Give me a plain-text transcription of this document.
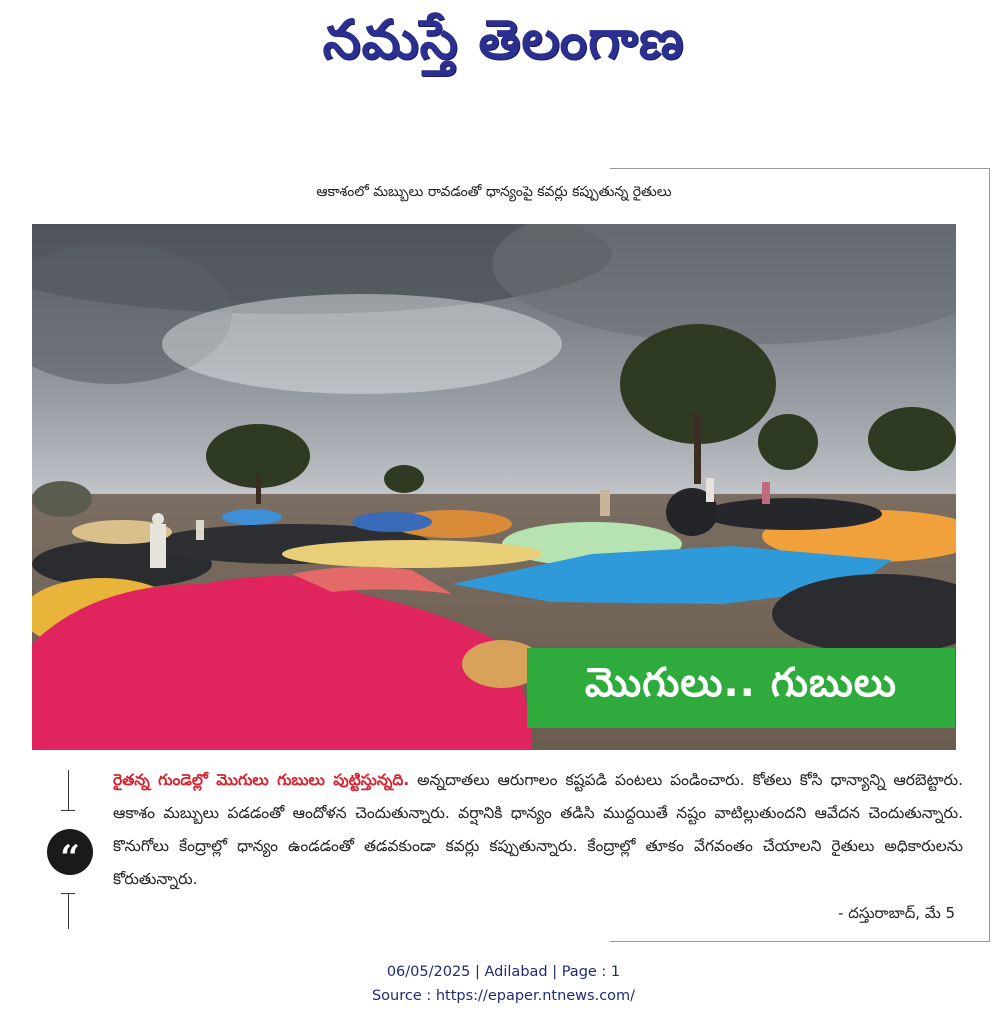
నమస్తే తెలంగాణ
ఆకాశంలో మబ్బులు రావడంతో ధాన్యంపై కవర్లు కప్పుతున్న రైతులు
మొగులు.. గుబులు
“
రైతన్న గుండెల్లో మొగులు గుబులు పుట్టిస్తున్నది. అన్నదాతలు ఆరుగాలం కష్టపడి పంటలు పండించారు. కోతలు కోసి ధాన్యాన్ని ఆరబెట్టారు. ఆకాశం మబ్బులు పడడంతో ఆందోళన చెందుతున్నారు. వర్షానికి ధాన్యం తడిసి ముద్దయితే నష్టం వాటిల్లుతుందని ఆవేదన చెందుతున్నారు. కొనుగోలు కేంద్రాల్లో ధాన్యం ఉండడంతో తడవకుండా కవర్లు కప్పుతున్నారు. కేంద్రాల్లో తూకం వేగవంతం చేయాలని రైతులు అధికారులను కోరుతున్నారు.
- దస్తురాబాద్‌, మే 5
06/05/2025 | Adilabad | Page : 1
Source : https://epaper.ntnews.com/
